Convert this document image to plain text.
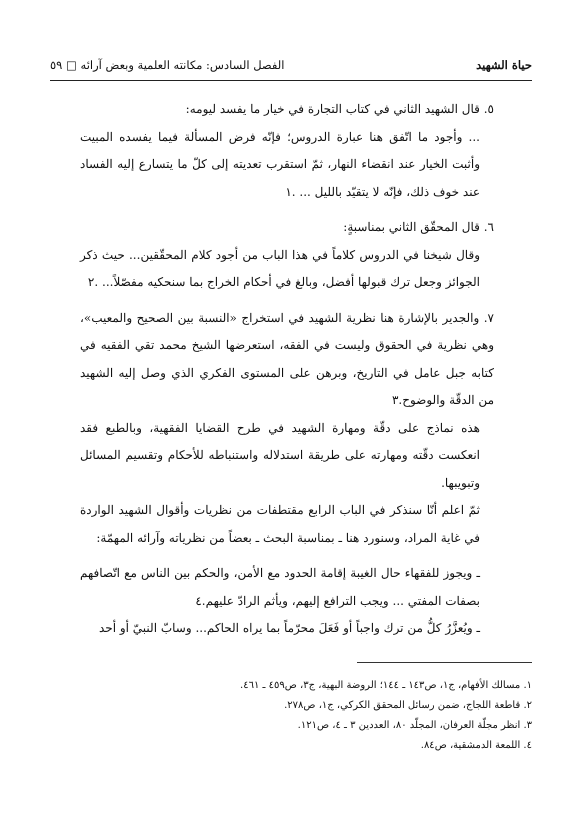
الفصل السادس: مكانته العلمية وبعض آرائه □ ٥٩	حياة الشهيد

٥. قال الشهيد الثاني في كتاب التجارة في خيار ما يفسد ليومه:

... وأجود ما اتّفق هنا عبارة الدروس؛ فإنّه فرض المسألة فيما يفسده المبيت وأثبت الخيار عند انقضاء النهار، ثمّ استقرب تعديته إلى كلّ ما يتسارع إليه الفساد عند خوف ذلك، فإنّه لا يتقيّد بالليل ... .١

٦. قال المحقّق الثاني بمناسبةٍ:

وقال شيخنا في الدروس كلاماً في هذا الباب من أجود كلام المحقّقين... حيث ذكر الجوائز وجعل ترك قبولها أفضل، وبالغ في أحكام الخراج بما سنحكيه مفصّلاً... .٢

٧. والجدير بالإشارة هنا نظرية الشهيد في استخراج «النسبة بين الصحيح والمعيب»، وهي نظرية في الحقوق وليست في الفقه، استعرضها الشيخ محمد تقي الفقيه في كتابه جبل عامل في التاريخ، وبرهن على المستوى الفكري الذي وصل إليه الشهيد من الدقّة والوضوح.٣

هذه نماذج على دقّة ومهارة الشهيد في طرح القضايا الفقهية، وبالطبع فقد انعكست دقّته ومهارته على طريقة استدلاله واستنباطه للأحكام وتقسيم المسائل وتبويبها.

ثمّ اعلم أنّا سنذكر في الباب الرابع مقتطفات من نظريات وأقوال الشهيد الواردة في غاية المراد، وسنورد هنا ـ بمناسبة البحث ـ بعضاً من نظرياته وآرائه المهمّة:

ـ ويجوز للفقهاء حال الغيبة إقامة الحدود مع الأمن، والحكم بين الناس مع اتّصافهم بصفات المفتي ... ويجب الترافع إليهم، ويأثم الرادّ عليهم.٤

ـ ويُعزَّرُ كلُّ من ترك واجباً أو فَعَلَ محرّماً بما يراه الحاكم... وسابّ النبيّ أو أحد

١. مسالك الأفهام، ج١، ص١٤٣ ـ ١٤٤؛ الروضة البهية، ج٣، ص٤٥٩ ـ ٤٦١.

٢. قاطعة اللجاج، ضمن رسائل المحقق الكركي، ج١، ص٢٧٨.

٣. انظر مجلّة العرفان، المجلّد ٨٠، العددين ٣ ـ ٤، ص١٢١.

٤. اللمعة الدمشقية، ص٨٤.
